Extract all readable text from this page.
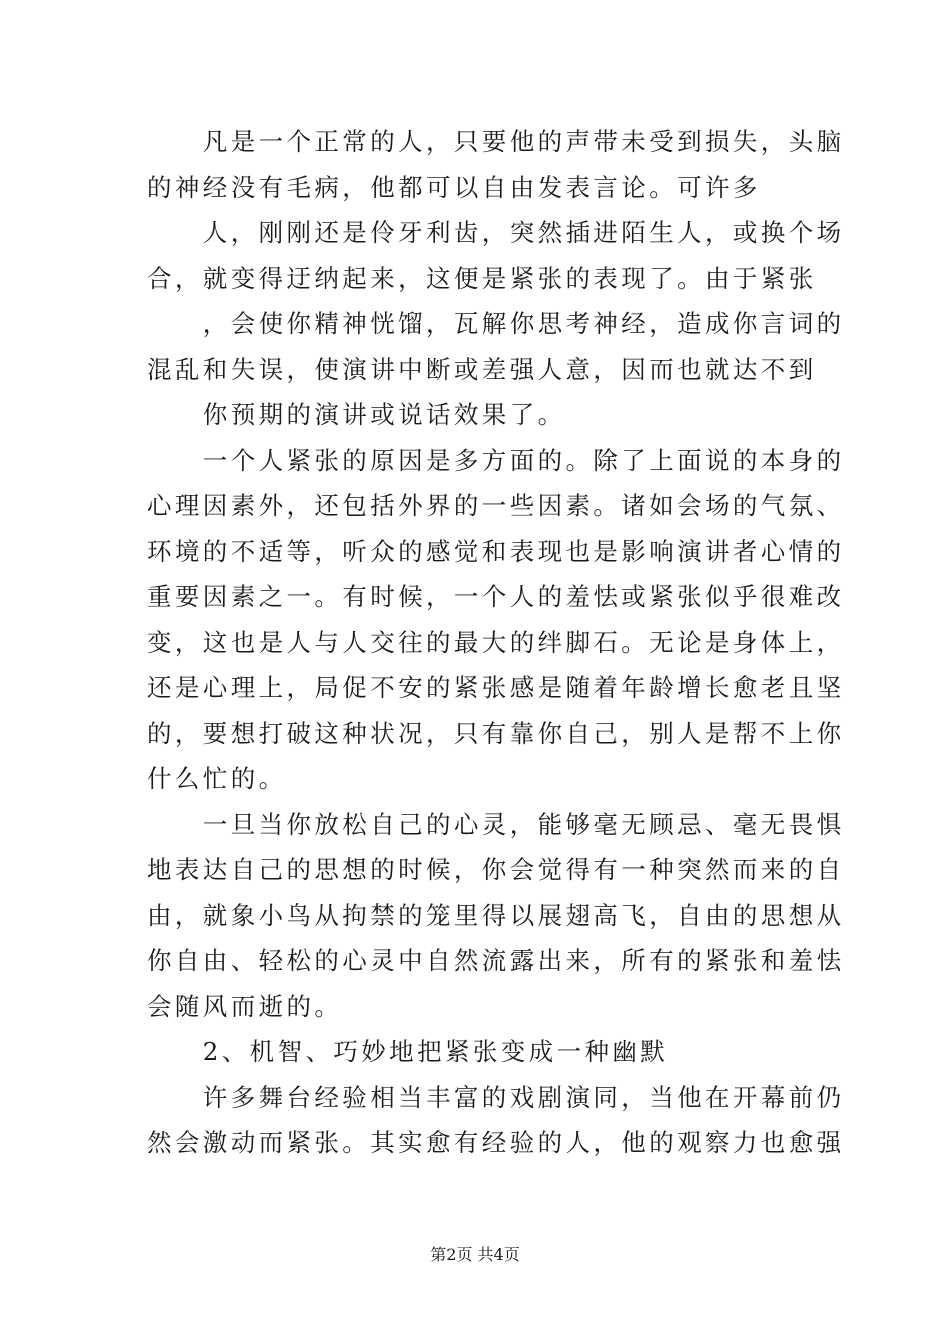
　　凡是一个正常的人，只要他的声带未受到损失，头脑
的神经没有毛病，他都可以自由发表言论。可许多
　　人，刚刚还是伶牙利齿，突然插进陌生人，或换个场
合，就变得迂纳起来，这便是紧张的表现了。由于紧张
　　，会使你精神恍馏，瓦解你思考神经，造成你言词的
混乱和失误，使演讲中断或差强人意，因而也就达不到
　　你预期的演讲或说话效果了。
　　一个人紧张的原因是多方面的。除了上面说的本身的
心理因素外，还包括外界的一些因素。诸如会场的气氛、
环境的不适等，听众的感觉和表现也是影响演讲者心情的
重要因素之一。有时候，一个人的羞怯或紧张似乎很难改
变，这也是人与人交往的最大的绊脚石。无论是身体上，
还是心理上，局促不安的紧张感是随着年龄增长愈老且坚
的，要想打破这种状况，只有靠你自己，别人是帮不上你
什么忙的。
　　一旦当你放松自己的心灵，能够毫无顾忌、毫无畏惧
地表达自己的思想的时候，你会觉得有一种突然而来的自
由，就象小鸟从拘禁的笼里得以展翅高飞，自由的思想从
你自由、轻松的心灵中自然流露出来，所有的紧张和羞怯
会随风而逝的。
　　2、机智、巧妙地把紧张变成一种幽默
　　许多舞台经验相当丰富的戏剧演同，当他在开幕前仍
然会激动而紧张。其实愈有经验的人，他的观察力也愈强
第2页 共4页
